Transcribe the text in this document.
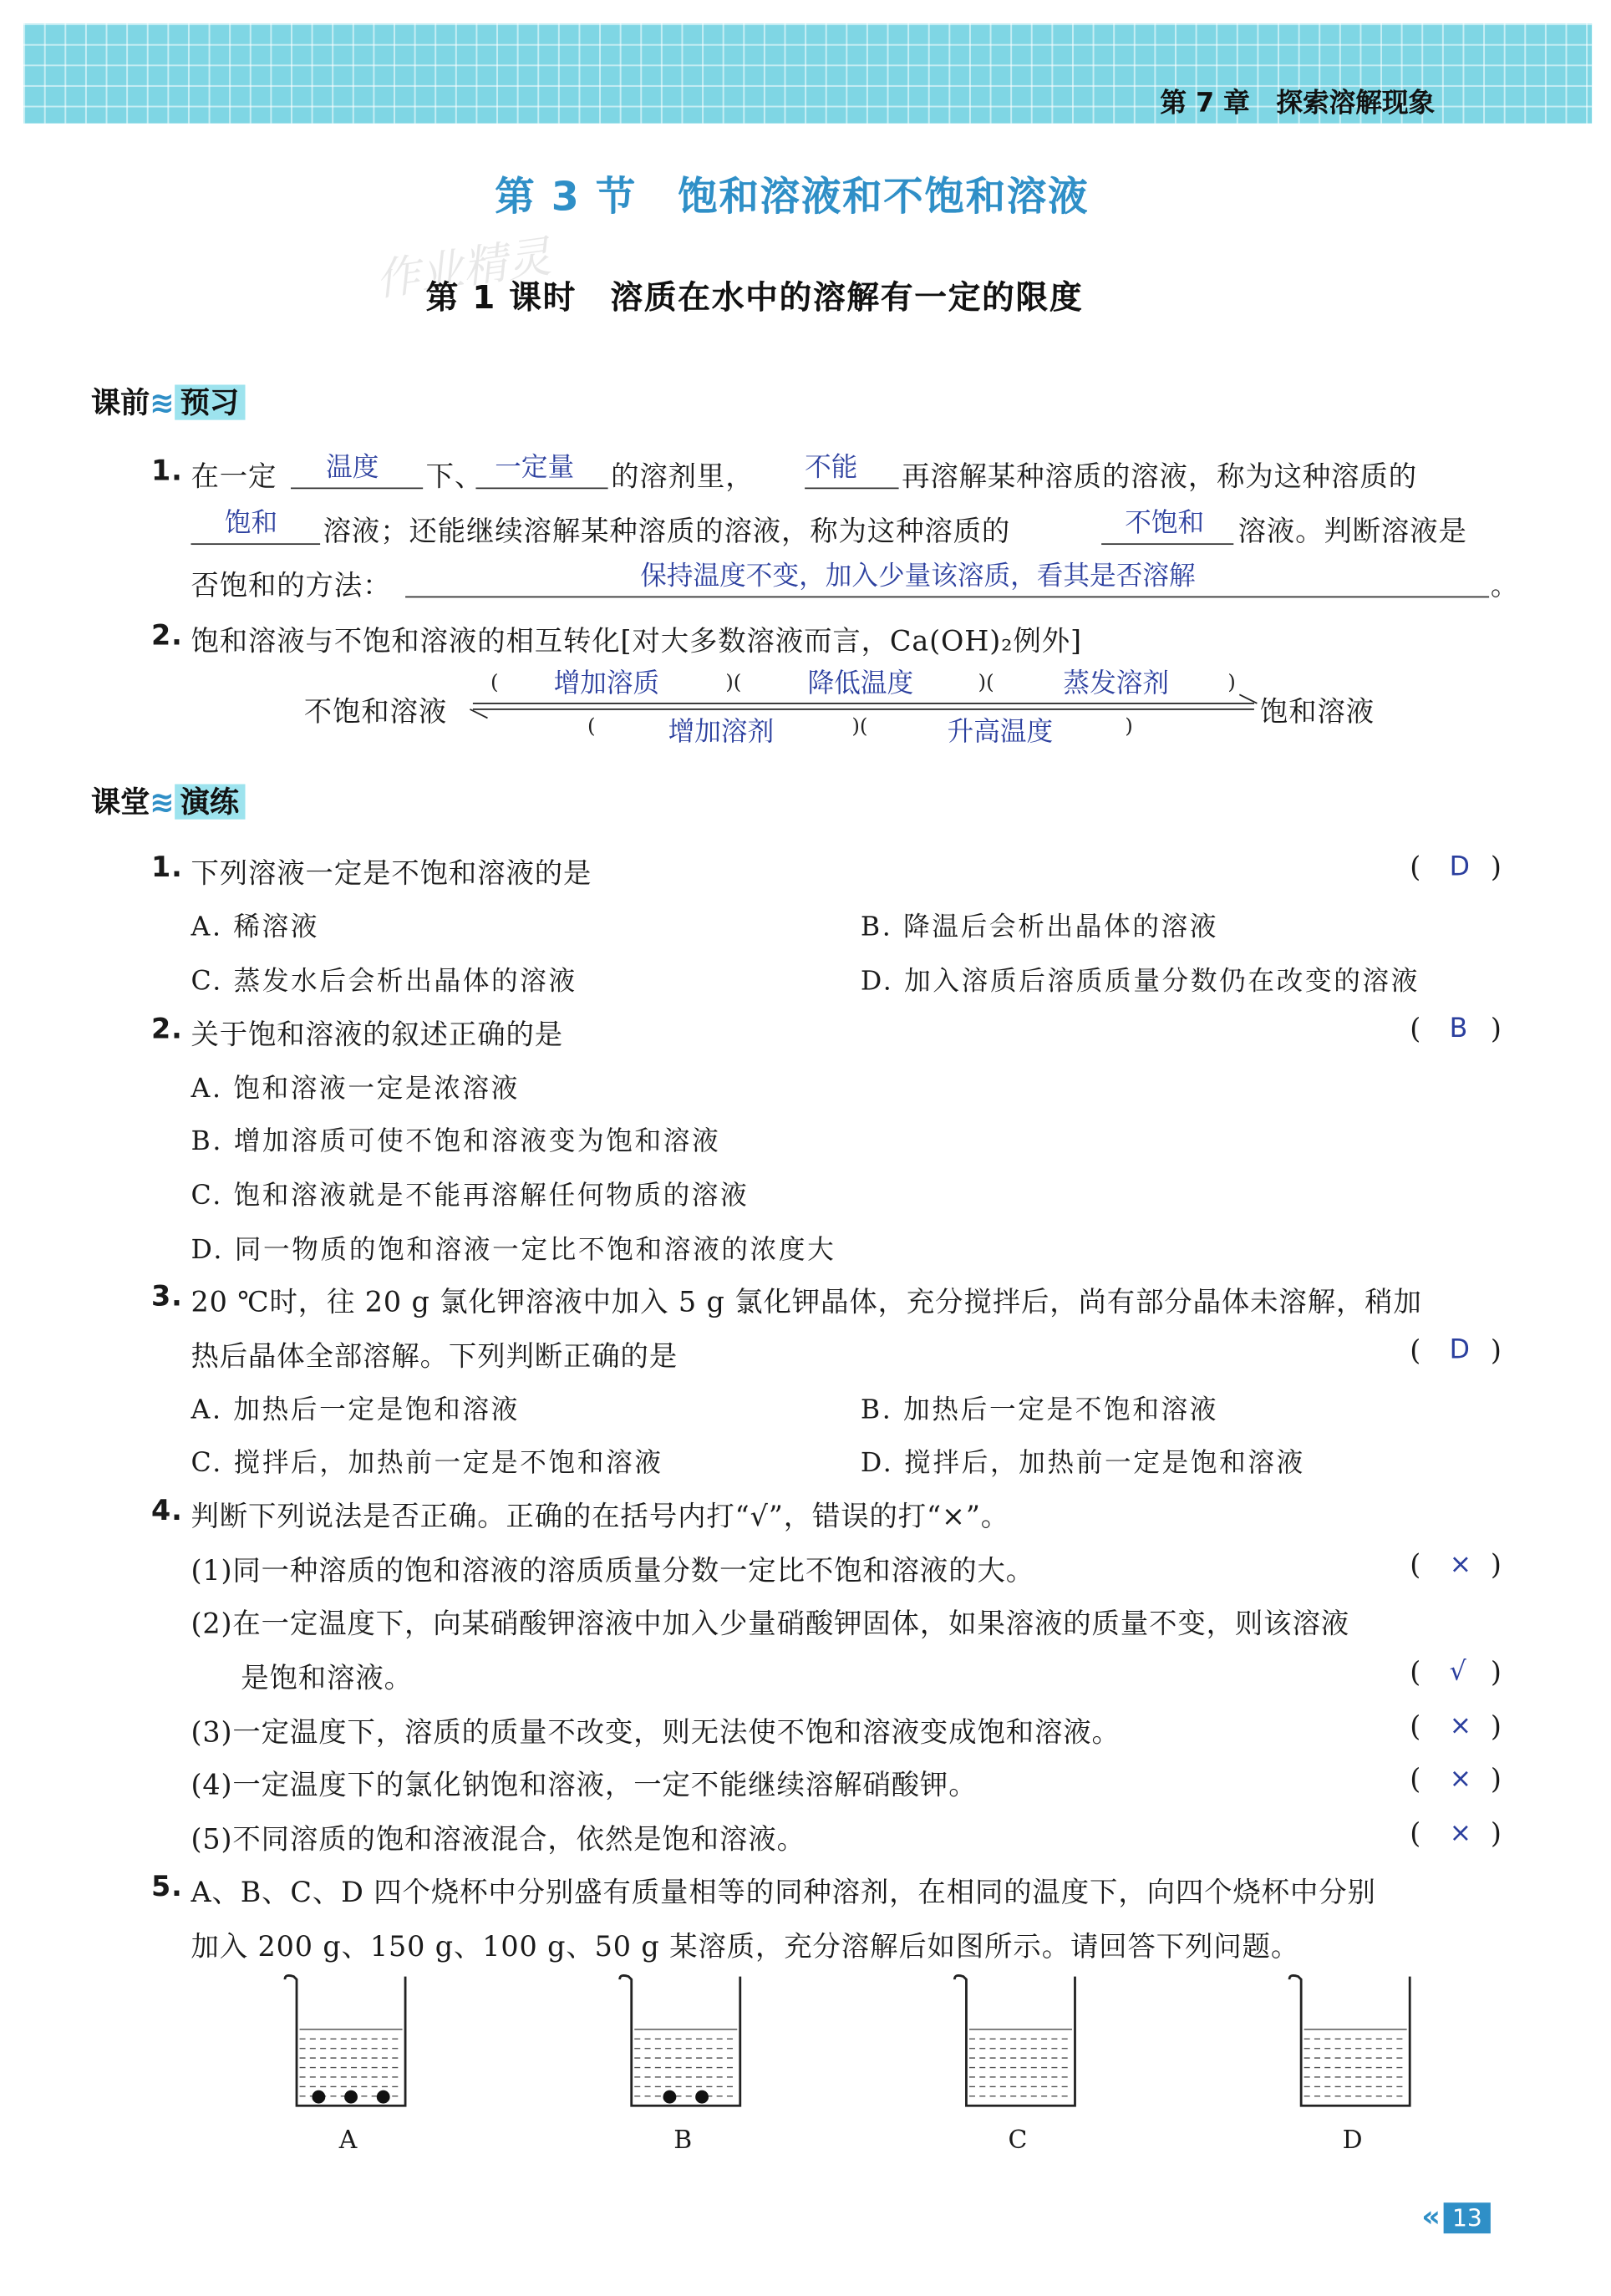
第 7 章 探索溶解现象
第 3 节　饱和溶液和不饱和溶液
作业精灵
第 1 课时　溶质在水中的溶解有一定的限度
课前≋ 预习
1. 在一定	温度	下、 一定量 的溶剂里，	不能	再溶解某种溶质的溶液，称为这种溶质的
饱和	溶液；还能继续溶解某种溶质的溶液，称为这种溶质的	不饱和 溶液。判断溶液是
否饱和的方法：	保持温度不变，加入少量该溶质，看其是否溶解	。
2. 饱和溶液与不饱和溶液的相互转化[对大多数溶液而言，Ca(OH)₂例外]
不饱和溶液	饱和溶液
(	)(	)(	)
(	)(	)
增加溶质	降低温度	蒸发溶剂
增加溶剂	升高温度
课堂≋ 演练
1. 下列溶液一定是不饱和溶液的是	( D )
A. 稀溶液	B. 降温后会析出晶体的溶液
C. 蒸发水后会析出晶体的溶液	D. 加入溶质后溶质质量分数仍在改变的溶液
2. 关于饱和溶液的叙述正确的是	( B )
A. 饱和溶液一定是浓溶液
B. 增加溶质可使不饱和溶液变为饱和溶液
C. 饱和溶液就是不能再溶解任何物质的溶液
D. 同一物质的饱和溶液一定比不饱和溶液的浓度大
3. 20 ℃时，往 20 g 氯化钾溶液中加入 5 g 氯化钾晶体，充分搅拌后，尚有部分晶体未溶解，稍加
热后晶体全部溶解。下列判断正确的是	( D )
A. 加热后一定是饱和溶液	B. 加热后一定是不饱和溶液
C. 搅拌后，加热前一定是不饱和溶液	D. 搅拌后，加热前一定是饱和溶液
4. 判断下列说法是否正确。正确的在括号内打“√”，错误的打“×”。
(1)同一种溶质的饱和溶液的溶质质量分数一定比不饱和溶液的大。	( × )
(2)在一定温度下，向某硝酸钾溶液中加入少量硝酸钾固体，如果溶液的质量不变，则该溶液
是饱和溶液。	( √ )
(3)一定温度下，溶质的质量不改变，则无法使不饱和溶液变成饱和溶液。	( × )
(4)一定温度下的氯化钠饱和溶液，一定不能继续溶解硝酸钾。	( × )
(5)不同溶质的饱和溶液混合，依然是饱和溶液。	( × )
5. A、B、C、D 四个烧杯中分别盛有质量相等的同种溶剂，在相同的温度下，向四个烧杯中分别
加入 200 g、150 g、100 g、50 g 某溶质，充分溶解后如图所示。请回答下列问题。
A	B	C	D
« 13
